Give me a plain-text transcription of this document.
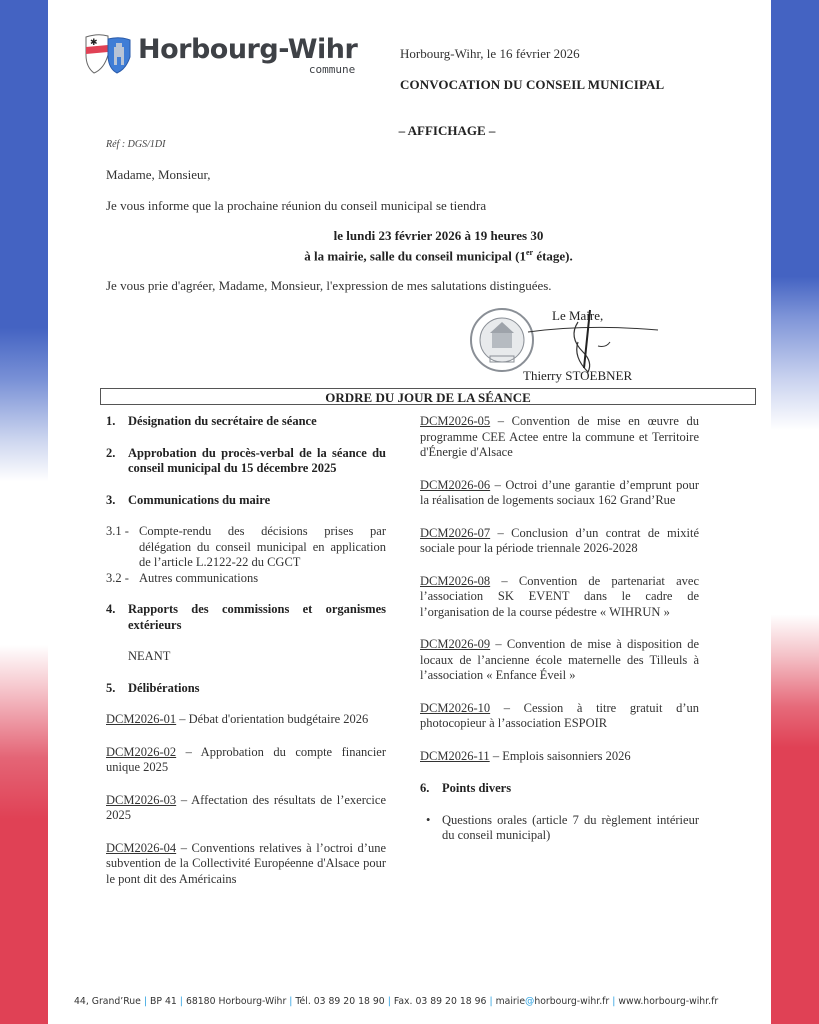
✱ Horbourg-Wihr
commune
Horbourg-Wihr, le 16 février 2026
CONVOCATION DU CONSEIL MUNICIPAL
– AFFICHAGE –
Réf : DGS/1DI
Madame, Monsieur,
Je vous informe que la prochaine réunion du conseil municipal se tiendra
le lundi 23 février 2026 à 19 heures 30
à la mairie, salle du conseil municipal (1er étage).
Je vous prie d'agréer, Madame, Monsieur, l'expression de mes salutations distinguées.
Le Maire,
Thierry STOEBNER
ORDRE DU JOUR DE LA SÉANCE
1.	Désignation du secrétaire de séance
2.	Approbation du procès-verbal de la séance du conseil municipal du 15 décembre 2025
3.	Communications du maire
3.1 - Compte-rendu des décisions prises par délégation du conseil municipal en application de l’article L.2122-22 du CGCT
3.2 - Autres communications
4.	Rapports des commissions et organismes extérieurs
NEANT
5.	Délibérations
DCM2026-01 – Débat d'orientation budgétaire 2026
DCM2026-02 – Approbation du compte financier unique 2025
DCM2026-03 – Affectation des résultats de l’exercice 2025
DCM2026-04 – Conventions relatives à l’octroi d’une subvention de la Collectivité Européenne d'Alsace pour le pont dit des Américains
DCM2026-05 – Convention de mise en œuvre du programme CEE Actee entre la commune et Territoire d'Énergie d'Alsace
DCM2026-06 – Octroi d’une garantie d’emprunt pour la réalisation de logements sociaux 162 Grand’Rue
DCM2026-07 – Conclusion d’un contrat de mixité sociale pour la période triennale 2026-2028
DCM2026-08 – Convention de partenariat avec l’association SK EVENT dans le cadre de l’organisation de la course pédestre « WIHRUN »
DCM2026-09 – Convention de mise à disposition de locaux de l’ancienne école maternelle des Tilleuls à l’association « Enfance Éveil »
DCM2026-10 – Cession à titre gratuit d’un photocopieur à l’association ESPOIR
DCM2026-11 – Emplois saisonniers 2026
6.	Points divers
• Questions orales (article 7 du règlement intérieur du conseil municipal)
44, Grand’Rue | BP 41 | 68180 Horbourg-Wihr | Tél. 03 89 20 18 90 | Fax. 03 89 20 18 96 | mairie@horbourg-wihr.fr | www.horbourg-wihr.fr
